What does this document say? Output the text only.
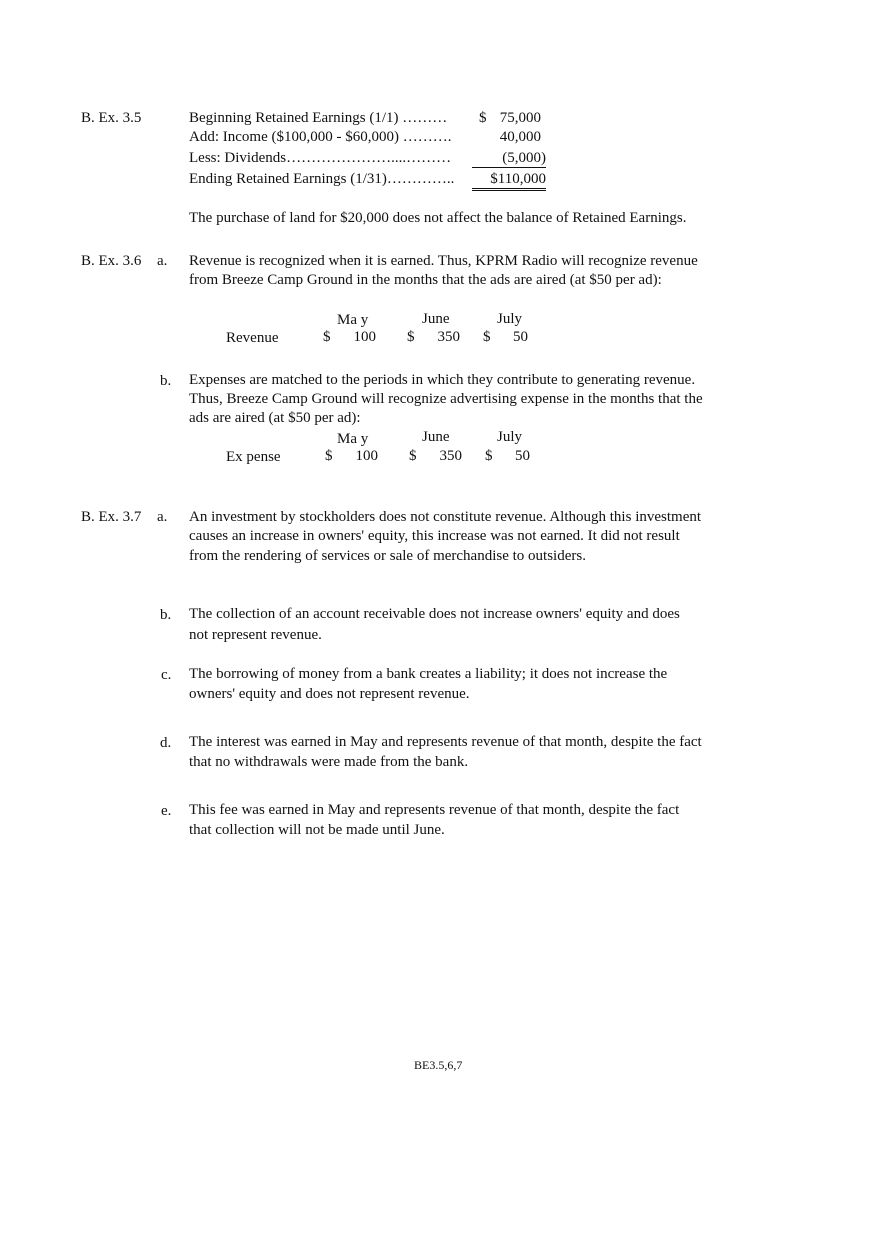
B. Ex. 3.5	Beginning Retained Earnings (1/1) ……… $ 75,000
Add: Income ($100,000 - $60,000) ……….	40,000
Less: Dividends…………………....………	(5,000)
Ending Retained Earnings (1/31)…………..	$110,000
The purchase of land for $20,000 does not affect the balance of Retained Earnings.
B. Ex. 3.6 a. Revenue is recognized when it is earned. Thus, KPRM Radio will recognize revenue
from Breeze Camp Ground in the months that the ads are aired (at $50 per ad):
Ma y	June	July
Revenue	$	100 $	350 $	50
b. Expenses are matched to the periods in which they contribute to generating revenue.
Thus, Breeze Camp Ground will recognize advertising expense in the months that the
ads are aired (at $50 per ad):
Ma y	June	July
Ex pense	$	100 $	350 $	50
B. Ex. 3.7 a. An investment by stockholders does not constitute revenue. Although this investment
causes an increase in owners' equity, this increase was not earned. It did not result
from the rendering of services or sale of merchandise to outsiders.
b. The collection of an account receivable does not increase owners' equity and does
not represent revenue.
c. The borrowing of money from a bank creates a liability; it does not increase the
owners' equity and does not represent revenue.
d. The interest was earned in May and represents revenue of that month, despite the fact
that no withdrawals were made from the bank.
e. This fee was earned in May and represents revenue of that month, despite the fact
that collection will not be made until June.
BE3.5,6,7
